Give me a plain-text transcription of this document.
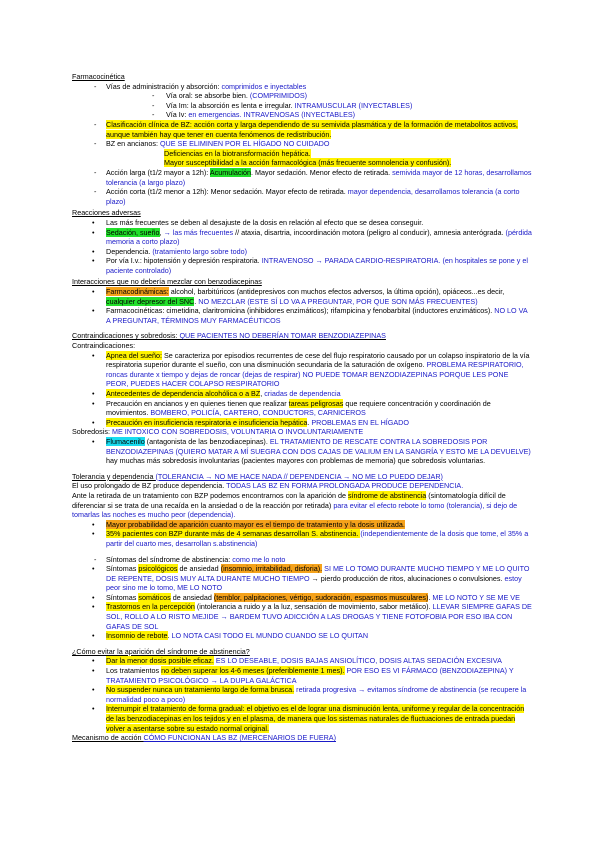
Farmacocinética
- Vías de administración y absorción: comprimidos e inyectables
- Vía oral: se absorbe bien. (COMPRIMIDOS)
- Vía Im: la absorción es lenta e irregular. INTRAMUSCULAR (INYECTABLES)
- Vía Iv: en emergencias. INTRAVENOSAS (INYECTABLES)
- Clasificación clínica de BZ: acción corta y larga dependiendo de su semivida plasmática y de la formación de metabolitos activos, aunque también hay que tener en cuenta fenómenos de redistribución.
- BZ en ancianos: QUE SE ELIMINEN POR EL HÍGADO NO CUIDADO
Deficiencias en la biotransformación hepática.
Mayor susceptibilidad a la acción farmacológica (más frecuente somnolencia y confusión).
- Acción larga (t1/2 mayor a 12h): Acumulación. Mayor sedación. Menor efecto de retirada. semivida mayor de 12 horas, desarrollamos tolerancia (a largo plazo)
- Acción corta (t1/2 menor a 12h): Menor sedación. Mayor efecto de retirada. mayor dependencia, desarrollamos tolerancia (a corto plazo)
Reacciones adversas
• Las más frecuentes se deben al desajuste de la dosis en relación al efecto que se desea conseguir.
• Sedación, sueño, → las más frecuentes // ataxia, disartria, incoordinación motora (peligro al conducir), amnesia anterógrada. (pérdida memoria a corto plazo)
• Dependencia. (tratamiento largo sobre todo)
• Por vía I.v.: hipotensión y depresión respiratoria. INTRAVENOSO → PARADA CARDIO-RESPIRATORIA. (en hospitales se pone y el paciente controlado)
Interacciones que no debería mezclar con benzodiacepinas
• Farmacodinámicas: alcohol, barbitúricos (antidepresivos con muchos efectos adversos, la última opción), opiáceos...es decir, cualquier depresor del SNC. NO MEZCLAR (ESTE SÍ LO VA A PREGUNTAR, POR QUE SON MÁS FRECUENTES)
• Farmacocinéticas: cimetidina, claritromicina (inhibidores enzimáticos); rifampicina y fenobarbital (inductores enzimáticos). NO LO VA A PREGUNTAR, TÉRMINOS MUY FARMACÉUTICOS
Contraindicaciones y sobredosis: QUE PACIENTES NO DEBERÍAN TOMAR BENZODIAZEPINAS
Contraindicaciones:
• Apnea del sueño: Se caracteriza por episodios recurrentes de cese del flujo respiratorio causado por un colapso inspiratorio de la vía respiratoria superior durante el sueño, con una disminución secundaria de la saturación de oxígeno. PROBLEMA RESPIRATORIO, roncas durante x tiempo y dejas de roncar (dejas de respirar) NO PUEDE TOMAR BENZODIAZEPINAS PORQUE LES PONE PEOR, PUEDES HACER COLAPSO RESPIRATORIO
• Antecedentes de dependencia alcohólica o a BZ, criadas de dependencia
• Precaución en ancianos y en quienes tienen que realizar tareas peligrosas que requiere concentración y coordinación de movimientos. BOMBERO, POLICÍA, CARTERO, CONDUCTORS, CARNICEROS
• Precaución en insuficiencia respiratoria e insuficiencia hepática. PROBLEMAS EN EL HÍGADO
Sobredosis: ME INTOXICO CON SOBREDOSIS, VOLUNTARIA O INVOLUNTARIAMENTE
• Flumacenilo (antagonista de las benzodiacepinas). EL TRATAMIENTO DE RESCATE CONTRA LA SOBREDOSIS POR BENZODIAZEPINAS (QUIERO MATAR A MÍ SUEGRA CON DOS CAJAS DE VALIUM EN LA SANGRÍA Y ESTO ME LA DEVUELVE) hay muchas más sobredosis involuntarias (pacientes mayores con problemas de memoria) que sobredosis voluntarias.
Tolerancia y dependencia (TOLERANCIA → NO ME HACE NADA // DEPENDENCIA → NO ME LO PUEDO DEJAR)
El uso prolongado de BZ produce dependencia. TODAS LAS BZ EN FORMA PROLONGADA PRODUCE DEPENDENCIA.
Ante la retirada de un tratamiento con BZP podemos encontrarnos con la aparición de síndrome de abstinencia (sintomatología difícil de diferenciar si se trata de una recaída en la ansiedad o de la reacción por retirada) para evitar el efecto rebote lo tomo (tolerancia), si dejo de tomarlas las noches es mucho peor (dependencia).
• Mayor probabilidad de aparición cuanto mayor es el tiempo de tratamiento y la dosis utilizada.
• 35% pacientes con BZP durante más de 4 semanas desarrollan S. abstinencia. (independientemente de la dosis que tome, el 35% a partir del cuarto mes, desarrollan s.abstinencia)
- Síntomas del síndrome de abstinencia: como me lo noto
• Síntomas psicológicos de ansiedad (insomnio, irritabilidad, disforia). SI ME LO TOMO DURANTE MUCHO TIEMPO Y ME LO QUITO DE REPENTE, DOSIS MUY ALTA DURANTE MUCHO TIEMPO → pierdo producción de ritos, alucinaciones o convulsiones. estoy peor sino me lo tomo, ME LO NOTO
• Síntomas somáticos de ansiedad (temblor, palpitaciones, vértigo, sudoración, espasmos musculares). ME LO NOTO Y SE ME VE
• Trastornos en la percepción (intolerancia a ruido y a la luz, sensación de movimiento, sabor metálico). LLEVAR SIEMPRE GAFAS DE SOL, ROLLO A LO RISTO MEJIDE → BARDEM TUVO ADICCIÓN A LAS DROGAS Y TIENE FOTOFOBIA POR ESO IBA CON GAFAS DE SOL
• Insomnio de rebote. LO NOTA CASI TODO EL MUNDO CUANDO SE LO QUITAN
¿Cómo evitar la aparición del síndrome de abstinencia?
• Dar la menor dosis posible eficaz. ES LO DESEABLE, DOSIS BAJAS ANSIOLÍTICO, DOSIS ALTAS SEDACIÓN EXCESIVA
• Los tratamientos no deben superar los 4-6 meses (preferiblemente 1 mes). POR ESO ES VI FÁRMACO (BENZODIAZEPINA) Y TRATAMIENTO PSICOLÓGICO → LA DUPLA GALÁCTICA
• No suspender nunca un tratamiento largo de forma brusca. retirada progresiva → evitamos síndrome de abstinencia (se recupere la normalidad poco a poco)
• Interrumpir el tratamiento de forma gradual: el objetivo es el de lograr una disminución lenta, uniforme y regular de la concentración de las benzodiacepinas en los tejidos y en el plasma, de manera que los sistemas naturales de fluctuaciones de entrada puedan volver a asentarse sobre su estado normal original.
Mecanismo de acción CÓMO FUNCIONAN LAS BZ (MERCENARIOS DE FUERA)
